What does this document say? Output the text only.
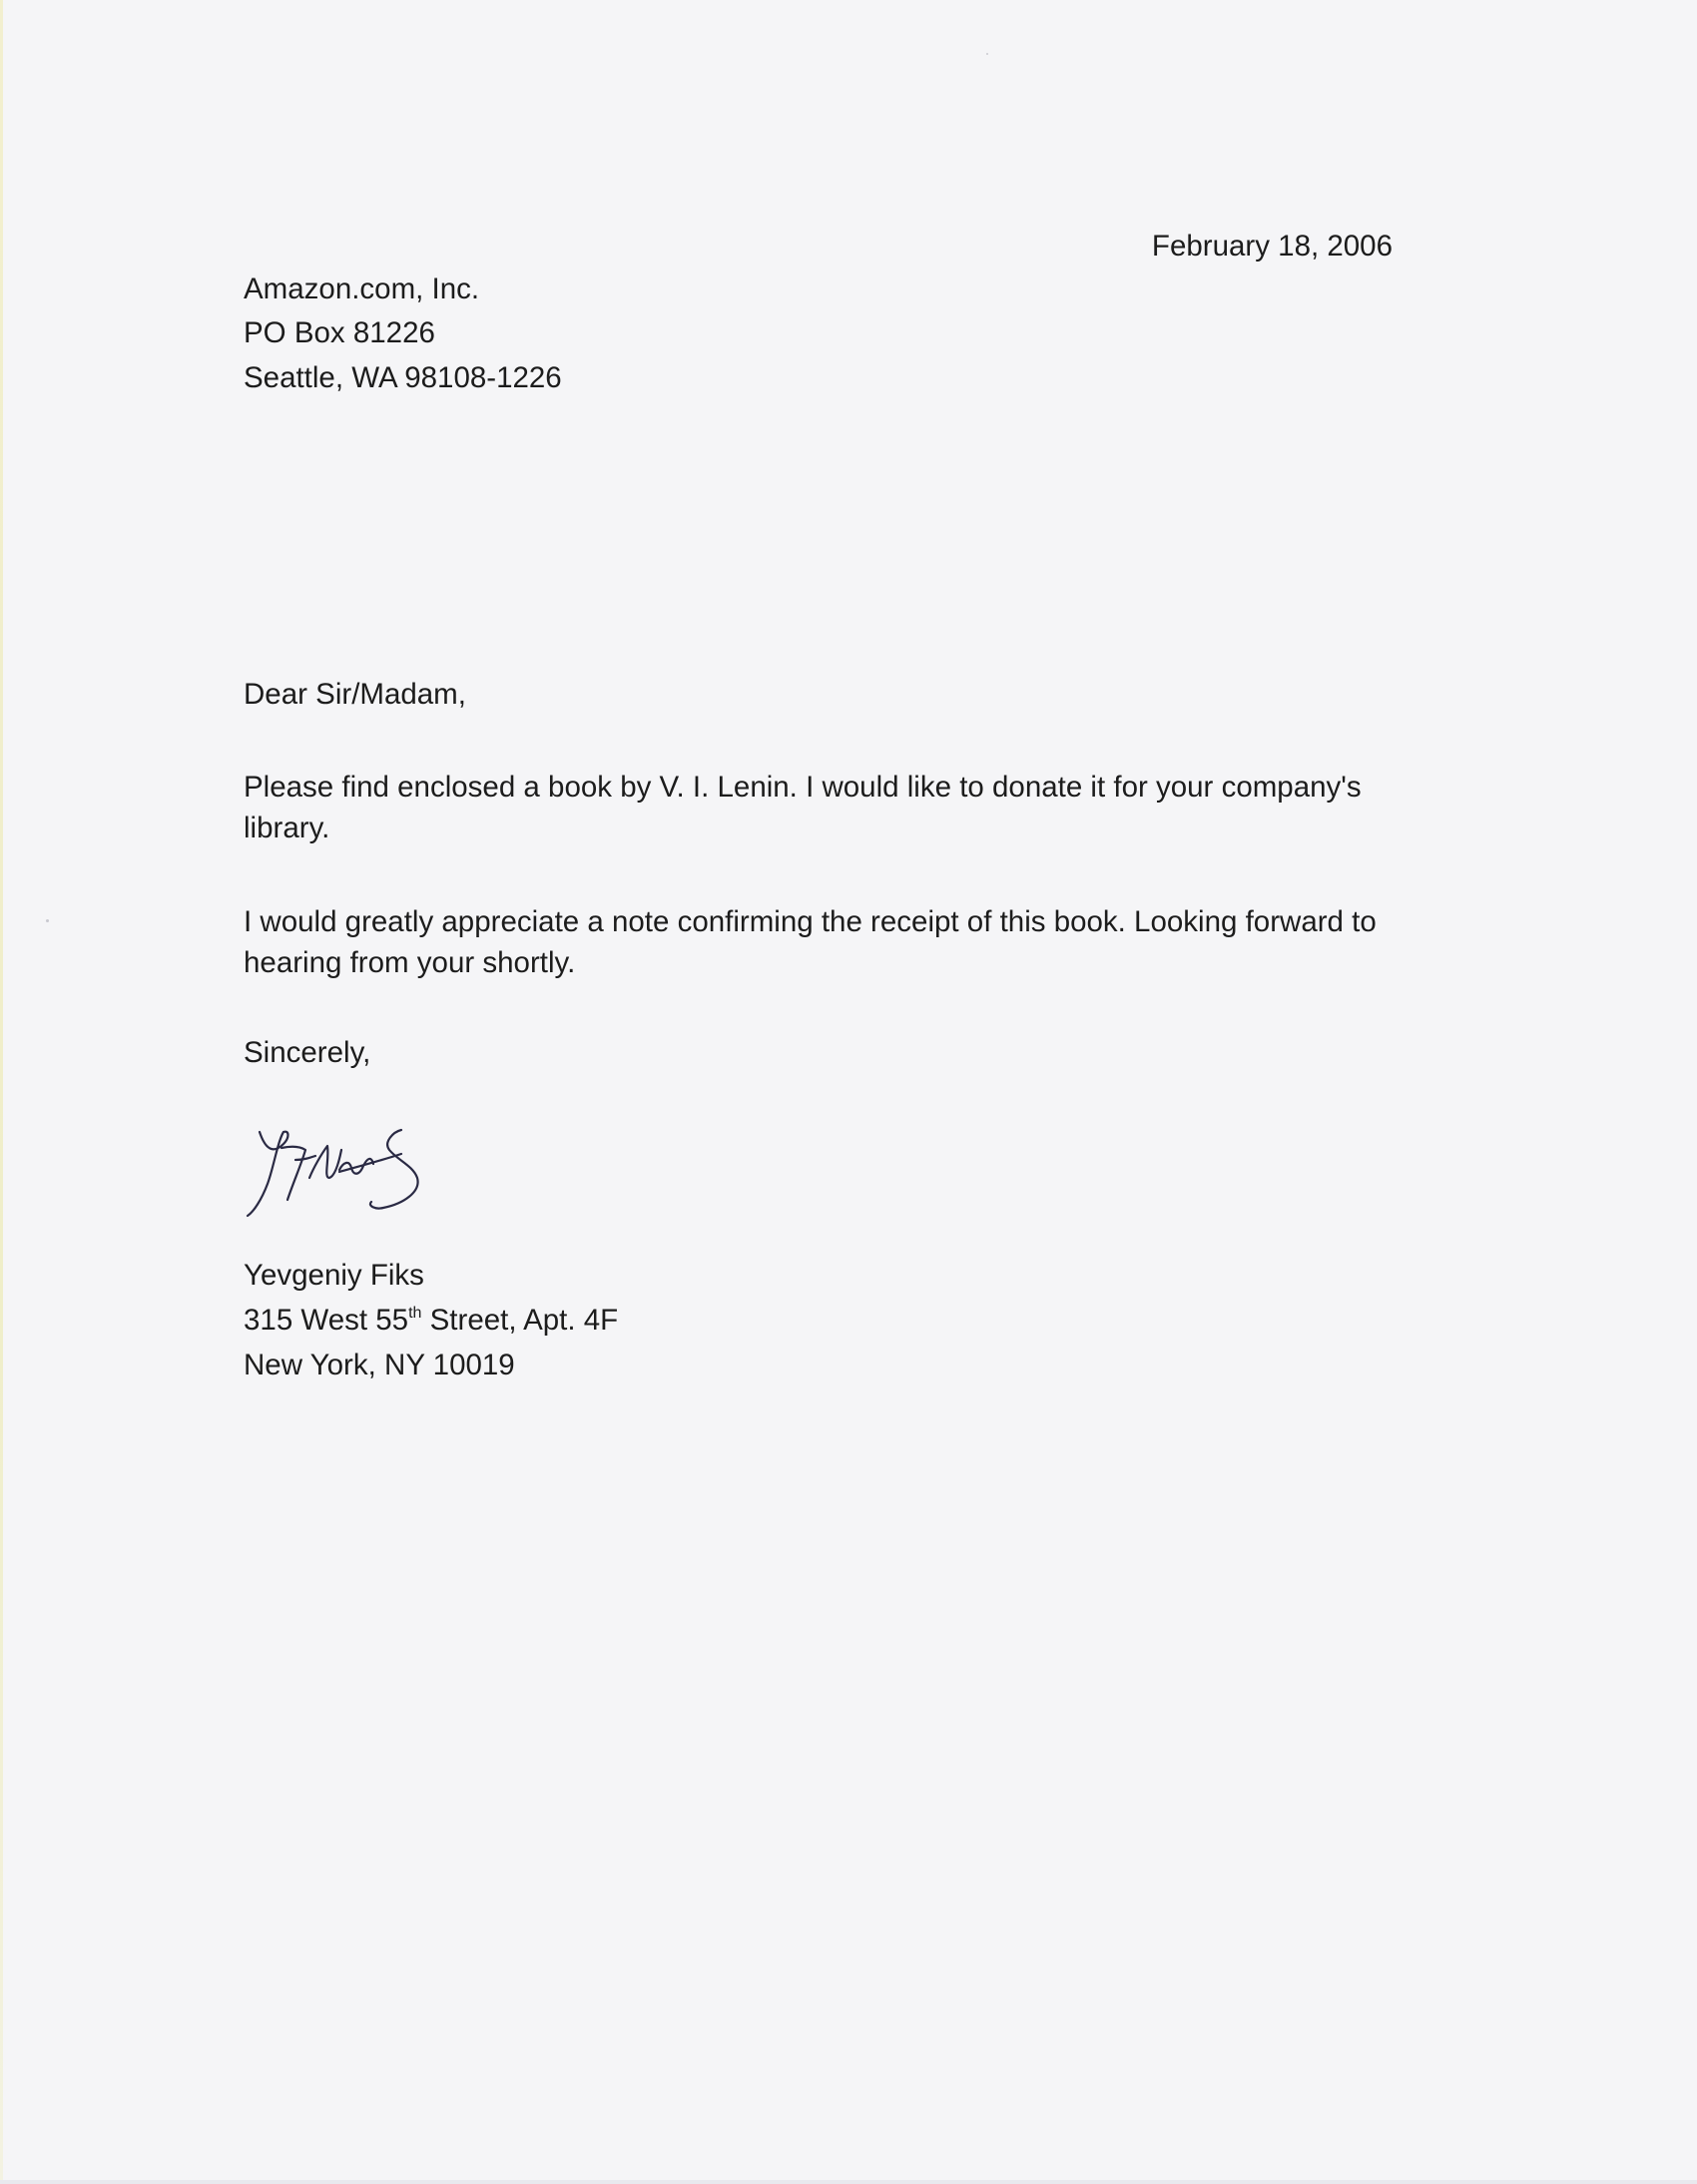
February 18, 2006

Amazon.com, Inc.

PO Box 81226

Seattle, WA 98108-1226

Dear Sir/Madam,

Please find enclosed a book by V. I. Lenin. I would like to donate it for your company's

library.

I would greatly appreciate a note confirming the receipt of this book. Looking forward to

hearing from your shortly.

Sincerely,

Yevgeniy Fiks

315 West 55th Street, Apt. 4F

New York, NY 10019
